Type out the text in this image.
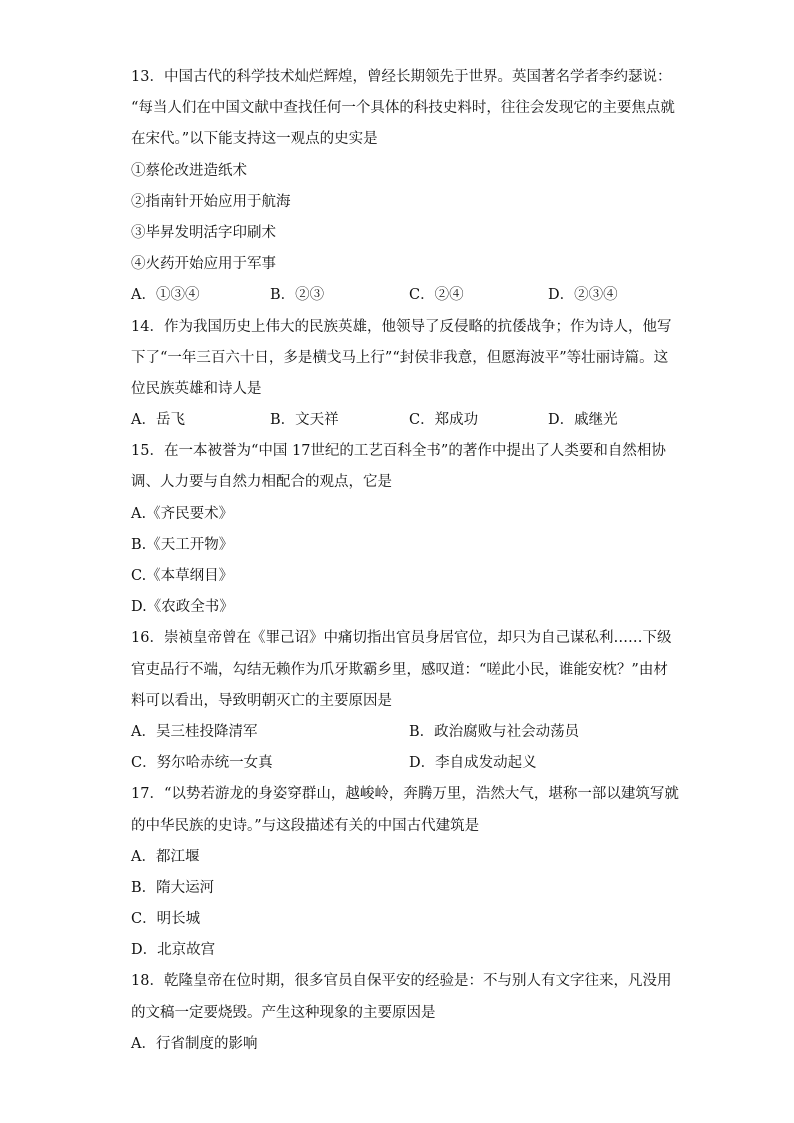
13．中国古代的科学技术灿烂辉煌，曾经长期领先于世界。英国著名学者李约瑟说：
“每当人们在中国文献中查找任何一个具体的科技史料时，往往会发现它的主要焦点就
在宋代。”以下能支持这一观点的史实是
①蔡伦改进造纸术
②指南针开始应用于航海
③毕昇发明活字印刷术
④火药开始应用于军事
A．①③④	B．②③	C．②④	D．②③④
14．作为我国历史上伟大的民族英雄，他领导了反侵略的抗倭战争；作为诗人，他写
下了“一年三百六十日，多是横戈马上行”“封侯非我意，但愿海波平”等壮丽诗篇。这
位民族英雄和诗人是
A．岳飞	B．文天祥	C．郑成功	D．戚继光
15．在一本被誉为“中国 17世纪的工艺百科全书”的著作中提出了人类要和自然相协
调、人力要与自然力相配合的观点，它是
A.《齐民要术》
B.《天工开物》
C.《本草纲目》
D.《农政全书》
16．崇祯皇帝曾在《罪己诏》中痛切指出官员身居官位，却只为自己谋私利……下级
官吏品行不端，勾结无赖作为爪牙欺霸乡里，感叹道：“嗟此小民，谁能安枕？”由材
料可以看出，导致明朝灭亡的主要原因是
A．吴三桂投降清军	B．政治腐败与社会动荡员
C．努尔哈赤统一女真	D．李自成发动起义
17．“以势若游龙的身姿穿群山，越峻岭，奔腾万里，浩然大气，堪称一部以建筑写就
的中华民族的史诗。”与这段描述有关的中国古代建筑是
A．都江堰
B．隋大运河
C．明长城
D．北京故宫
18．乾隆皇帝在位时期，很多官员自保平安的经验是：不与别人有文字往来，凡没用
的文稿一定要烧毁。产生这种现象的主要原因是
A．行省制度的影响
